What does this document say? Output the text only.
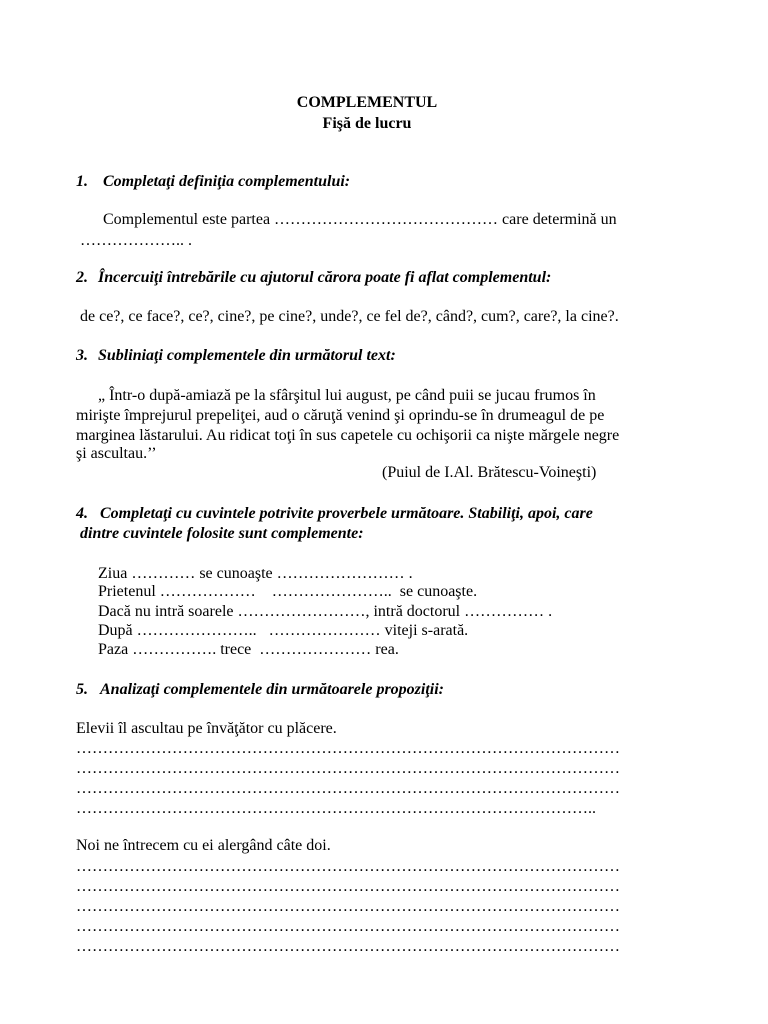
COMPLEMENTUL
Fişă de lucru
1. Completaţi definiţia complementului:
Complementul este partea …………………………………… care determină un
……………….. .
2. Încercuiţi întrebările cu ajutorul cărora poate fi aflat complementul:
de ce?, ce face?, ce?, cine?, pe cine?, unde?, ce fel de?, când?, cum?, care?, la cine?.
3. Subliniaţi complementele din următorul text:
„ Într-o după-amiază pe la sfârşitul lui august, pe când puii se jucau frumos în
mirişte împrejurul prepeliţei, aud o căruţă venind şi oprindu-se în drumeagul de pe
marginea lăstarului. Au ridicat toţi în sus capetele cu ochişorii ca nişte mărgele negre
şi ascultau.’’
(Puiul de I.Al. Brătescu-Voineşti)
4. Completaţi cu cuvintele potrivite proverbele următoare. Stabiliţi, apoi, care
dintre cuvintele folosite sunt complemente:
Ziua ………… se cunoaşte …………………… .
Prietenul ………………    …………………..  se cunoaşte.
Dacă nu intră soarele ……………………, intră doctorul …………… .
După …………………..   ………………… viteji s-arată.
Paza ……………. trece  ………………… rea.
5. Analizaţi complementele din următoarele propoziţii:
Elevii îl ascultau pe învăţător cu plăcere.
…………………………………………………………………………………………
…………………………………………………………………………………………
…………………………………………………………………………………………
……………………………………………………………………………………..
Noi ne întrecem cu ei alergând câte doi.
…………………………………………………………………………………………
…………………………………………………………………………………………
…………………………………………………………………………………………
…………………………………………………………………………………………
…………………………………………………………………………………………
